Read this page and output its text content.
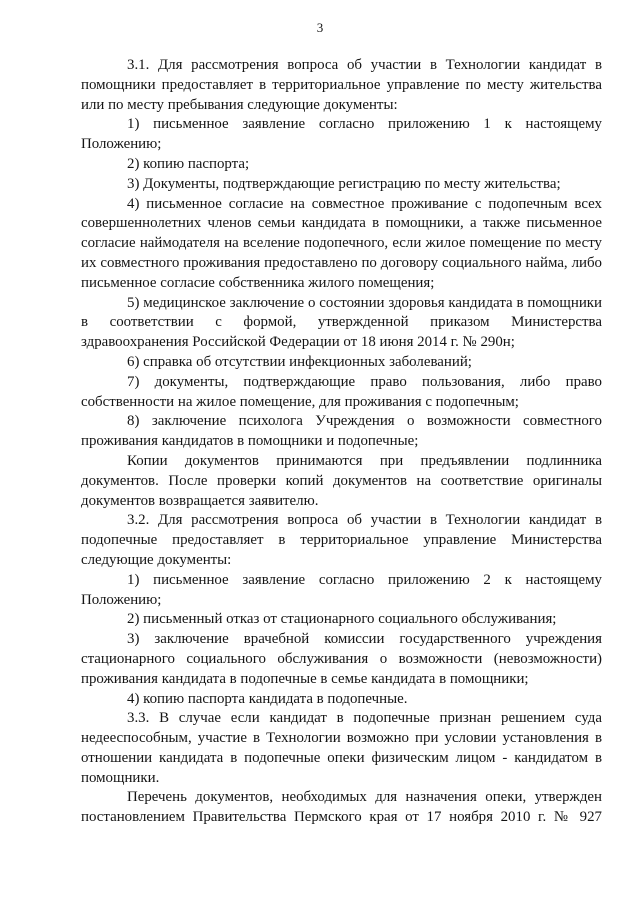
3

3.1. Для рассмотрения вопроса об участии в Технологии кандидат в помощники предоставляет в территориальное управление по месту жительства или по месту пребывания следующие документы:

1) письменное заявление согласно приложению 1 к настоящему Положению;

2) копию паспорта;

3) Документы, подтверждающие регистрацию по месту жительства;

4) письменное согласие на совместное проживание с подопечным всех совершеннолетних членов семьи кандидата в помощники, а также письменное согласие наймодателя на вселение подопечного, если жилое помещение по месту их совместного проживания предоставлено по договору социального найма, либо письменное согласие собственника жилого помещения;

5) медицинское заключение о состоянии здоровья кандидата в помощники в соответствии с формой, утвержденной приказом Министерства здравоохранения Российской Федерации от 18 июня 2014 г. № 290н;

6) справка об отсутствии инфекционных заболеваний;

7) документы, подтверждающие право пользования, либо право собственности на жилое помещение, для проживания с подопечным;

8) заключение психолога Учреждения о возможности совместного проживания кандидатов в помощники и подопечные;

Копии документов принимаются при предъявлении подлинника документов. После проверки копий документов на соответствие оригиналы документов возвращается заявителю.

3.2. Для рассмотрения вопроса об участии в Технологии кандидат в подопечные предоставляет в территориальное управление Министерства следующие документы:

1) письменное заявление согласно приложению 2 к настоящему Положению;

2) письменный отказ от стационарного социального обслуживания;

3) заключение врачебной комиссии государственного учреждения стационарного социального обслуживания о возможности (невозможности) проживания кандидата в подопечные в семье кандидата в помощники;

4) копию паспорта кандидата в подопечные.

3.3. В случае если кандидат в подопечные признан решением суда недееспособным, участие в Технологии возможно при условии установления в отношении кандидата в подопечные опеки физическим лицом - кандидатом в помощники.

Перечень документов, необходимых для назначения опеки, утвержден постановлением Правительства Пермского края от 17 ноября 2010 г. № 927
